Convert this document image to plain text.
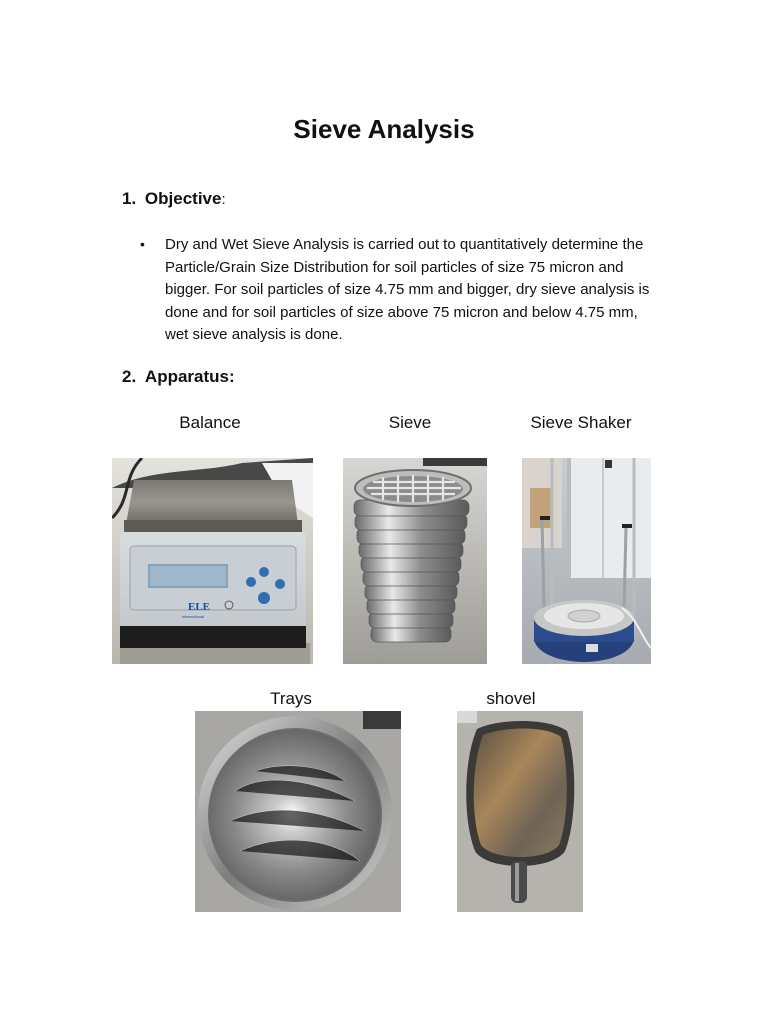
Sieve Analysis
1. Objective:
• Dry and Wet Sieve Analysis is carried out to quantitatively determine the Particle/Grain Size Distribution for soil particles of size 75 micron and bigger. For soil particles of size 4.75 mm and bigger, dry sieve analysis is done and for soil particles of size above 75 micron and below 4.75 mm, wet sieve analysis is done.
2. Apparatus:
Balance	Sieve	Sieve Shaker
Trays	shovel
ELE
International
